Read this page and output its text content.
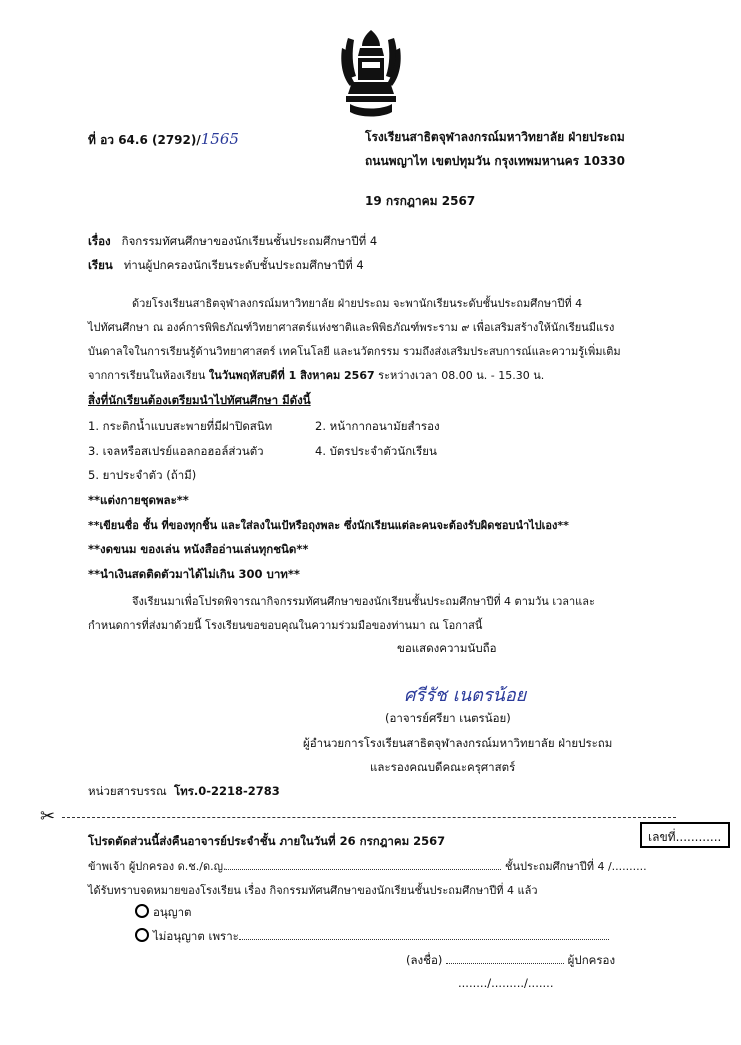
ที่ อว 64.6 (2792)/1565	โรงเรียนสาธิตจุฬาลงกรณ์มหาวิทยาลัย ฝ่ายประถม
ถนนพญาไท เขตปทุมวัน กรุงเทพมหานคร 10330
19 กรกฎาคม 2567
เรื่อง กิจกรรมทัศนศึกษาของนักเรียนชั้นประถมศึกษาปีที่ 4
เรียน ท่านผู้ปกครองนักเรียนระดับชั้นประถมศึกษาปีที่ 4
ด้วยโรงเรียนสาธิตจุฬาลงกรณ์มหาวิทยาลัย ฝ่ายประถม จะพานักเรียนระดับชั้นประถมศึกษาปีที่ 4
ไปทัศนศึกษา ณ องค์การพิพิธภัณฑ์วิทยาศาสตร์แห่งชาติและพิพิธภัณฑ์พระราม ๙ เพื่อเสริมสร้างให้นักเรียนมีแรง
บันดาลใจในการเรียนรู้ด้านวิทยาศาสตร์ เทคโนโลยี และนวัตกรรม รวมถึงส่งเสริมประสบการณ์และความรู้เพิ่มเติม
จากการเรียนในห้องเรียน ในวันพฤหัสบดีที่ 1 สิงหาคม 2567 ระหว่างเวลา 08.00 น. - 15.30 น.
สิ่งที่นักเรียนต้องเตรียมนำไปทัศนศึกษา มีดังนี้
1. กระติกน้ำแบบสะพายที่มีฝาปิดสนิท	2. หน้ากากอนามัยสำรอง
3. เจลหรือสเปรย์แอลกอฮอล์ส่วนตัว	4. บัตรประจำตัวนักเรียน
5. ยาประจำตัว (ถ้ามี)
**แต่งกายชุดพละ**
**เขียนชื่อ ชั้น ที่ของทุกชิ้น และใส่ลงในเป้หรือถุงพละ ซึ่งนักเรียนแต่ละคนจะต้องรับผิดชอบนำไปเอง**
**งดขนม ของเล่น หนังสืออ่านเล่นทุกชนิด**
**นำเงินสดติดตัวมาได้ไม่เกิน 300 บาท**
จึงเรียนมาเพื่อโปรดพิจารณากิจกรรมทัศนศึกษาของนักเรียนชั้นประถมศึกษาปีที่ 4 ตามวัน เวลาและ
กำหนดการที่ส่งมาด้วยนี้ โรงเรียนขอขอบคุณในความร่วมมือของท่านมา ณ โอกาสนี้
ขอแสดงความนับถือ
ศรีรัช เนตรน้อย
(อาจารย์ศรียา เนตรน้อย)
ผู้อำนวยการโรงเรียนสาธิตจุฬาลงกรณ์มหาวิทยาลัย ฝ่ายประถม
และรองคณบดีคณะครุศาสตร์
หน่วยสารบรรณ โทร.0-2218-2783
✂
โปรดตัดส่วนนี้ส่งคืนอาจารย์ประจำชั้น ภายในวันที่ 26 กรกฎาคม 2567	เลขที่............
ข้าพเจ้า ผู้ปกครอง ด.ช./ด.ญ.	ชั้นประถมศึกษาปีที่ 4 /..........
ได้รับทราบจดหมายของโรงเรียน เรื่อง กิจกรรมทัศนศึกษาของนักเรียนชั้นประถมศึกษาปีที่ 4 แล้ว
อนุญาต
ไม่อนุญาต เพราะ
(ลงชื่อ)	ผู้ปกครอง
......../........./.......
